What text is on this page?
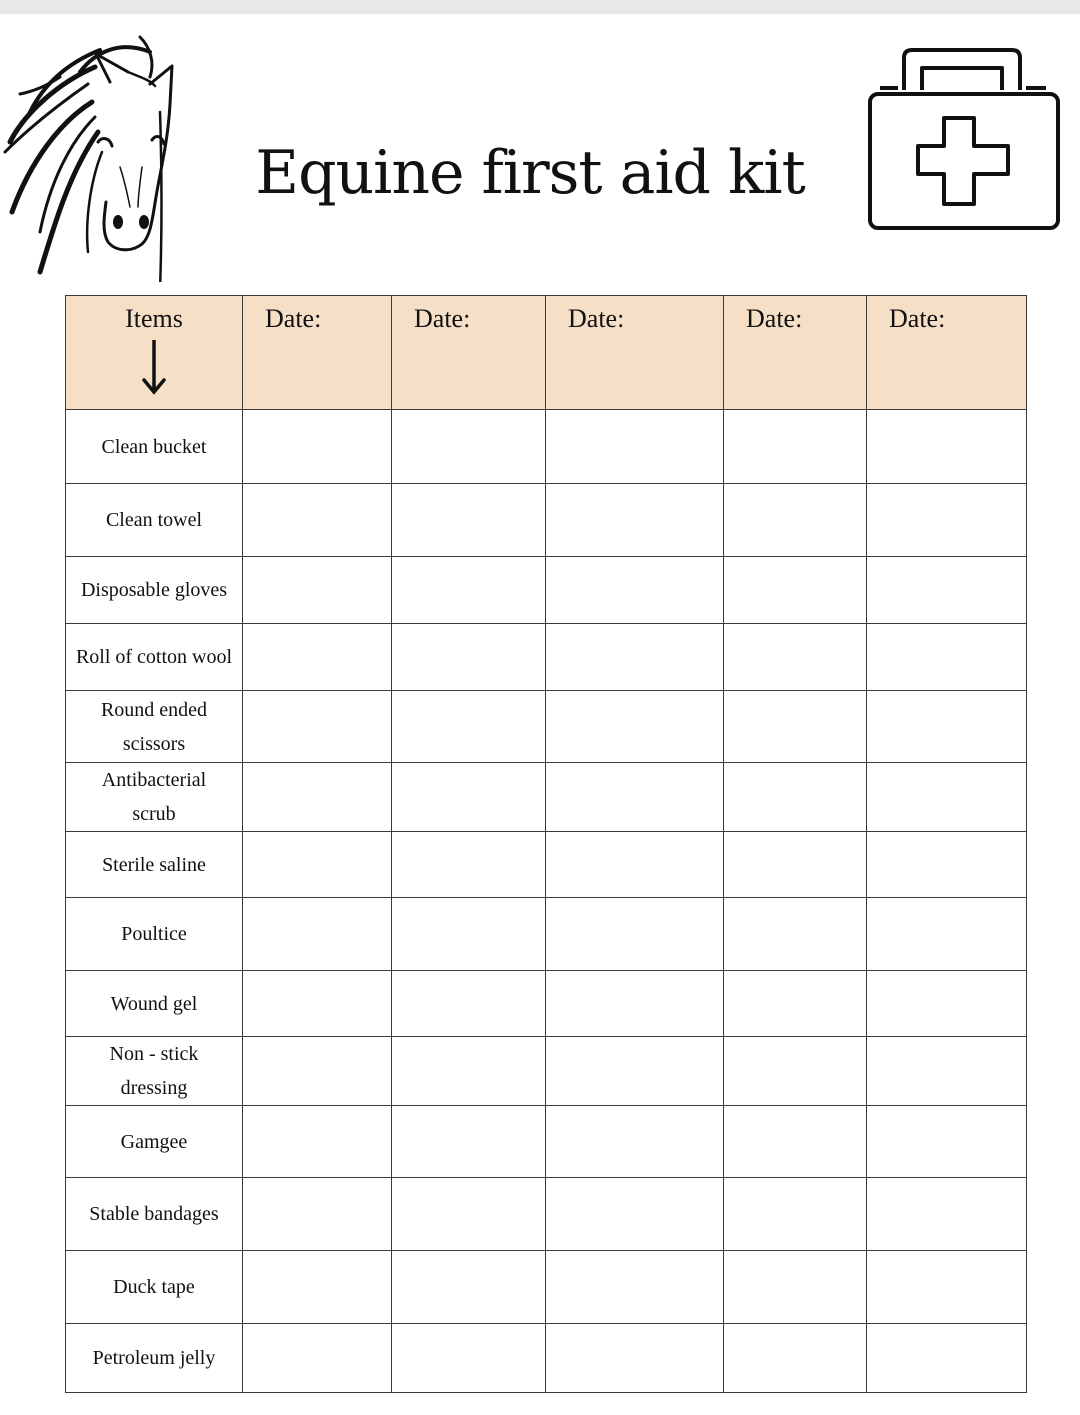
Equine first aid kit
Items	Date:	Date:	Date:	Date:	Date:
Clean bucket					
Clean towel					
Disposable gloves					
Roll of cotton wool					
Round ended scissors					
Antibacterial scrub					
Sterile saline					
Poultice					
Wound gel					
Non - stick dressing					
Gamgee					
Stable bandages					
Duck tape					
Petroleum jelly					
